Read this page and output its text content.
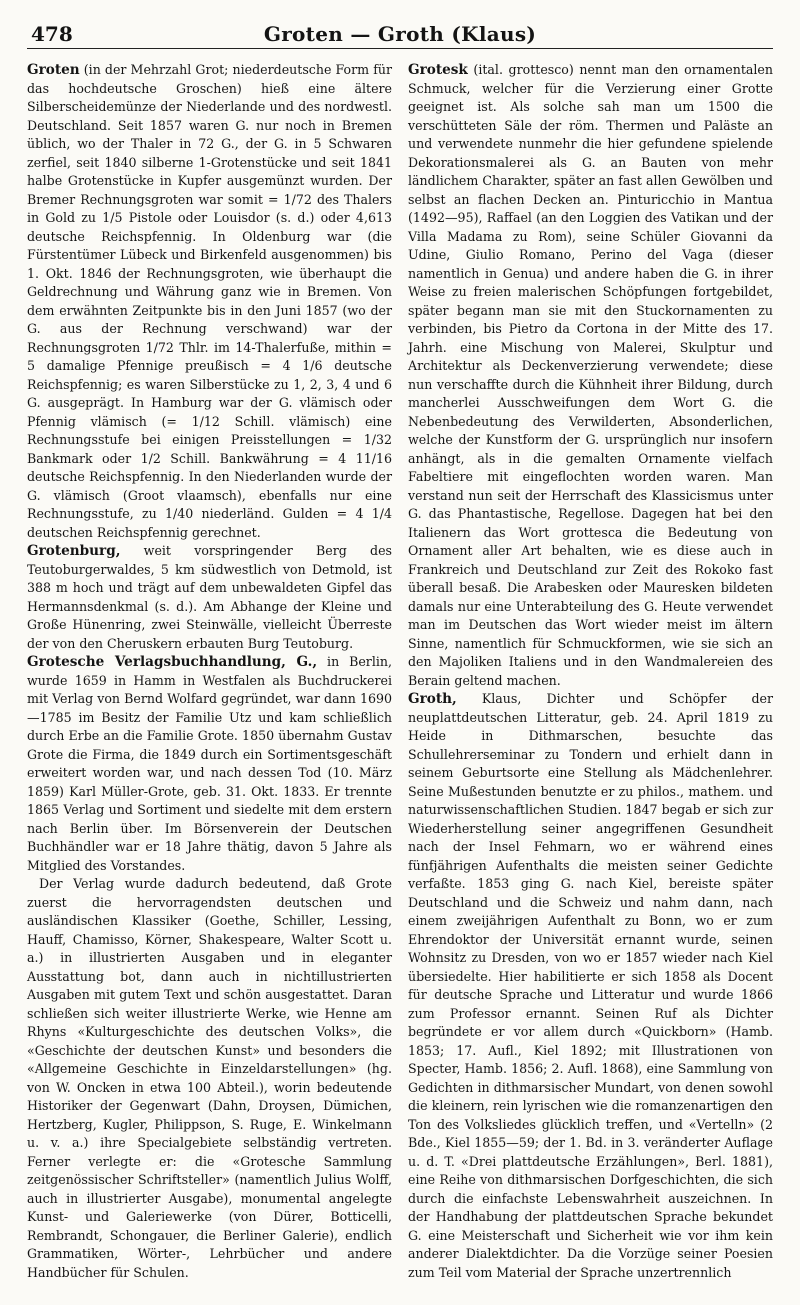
478	Groten — Groth (Klaus)

Groten (in der Mehrzahl Grot; niederdeutsche Form für das hochdeutsche Groschen) hieß eine ältere Silberscheidemünze der Niederlande und des nordwestl. Deutschland. Seit 1857 waren G. nur noch in Bremen üblich, wo der Thaler in 72 G., der G. in 5 Schwaren zerfiel, seit 1840 silberne 1-Grotenstücke und seit 1841 halbe Grotenstücke in Kupfer ausgemünzt wurden. Der Bremer Rechnungsgroten war somit = 1/72 des Thalers in Gold zu 1/5 Pistole oder Louisdor (s. d.) oder 4,613 deutsche Reichspfennig. In Oldenburg war (die Fürstentümer Lübeck und Birkenfeld ausgenommen) bis 1. Okt. 1846 der Rechnungsgroten, wie überhaupt die Geldrechnung und Währung ganz wie in Bremen. Von dem erwähnten Zeitpunkte bis in den Juni 1857 (wo der G. aus der Rechnung verschwand) war der Rechnungsgroten 1/72 Thlr. im 14-Thalerfuße, mithin = 5 damalige Pfennige preußisch = 4 1/6 deutsche Reichspfennig; es waren Silberstücke zu 1, 2, 3, 4 und 6 G. ausgeprägt. In Hamburg war der G. vlämisch oder Pfennig vlämisch (= 1/12 Schill. vlämisch) eine Rechnungsstufe bei einigen Preisstellungen = 1/32 Bankmark oder 1/2 Schill. Bankwährung = 4 11/16 deutsche Reichspfennig. In den Niederlanden wurde der G. vlämisch (Groot vlaamsch), ebenfalls nur eine Rechnungsstufe, zu 1/40 niederländ. Gulden = 4 1/4 deutschen Reichspfennig gerechnet.

Grotenburg, weit vorspringender Berg des Teutoburgerwaldes, 5 km südwestlich von Detmold, ist 388 m hoch und trägt auf dem unbewaldeten Gipfel das Hermannsdenkmal (s. d.). Am Abhange der Kleine und Große Hünenring, zwei Steinwälle, vielleicht Überreste der von den Cheruskern erbauten Burg Teutoburg.

Grotesche Verlagsbuchhandlung, G., in Berlin, wurde 1659 in Hamm in Westfalen als Buchdruckerei mit Verlag von Bernd Wolfard gegründet, war dann 1690—1785 im Besitz der Familie Utz und kam schließlich durch Erbe an die Familie Grote. 1850 übernahm Gustav Grote die Firma, die 1849 durch ein Sortimentsgeschäft erweitert worden war, und nach dessen Tod (10. März 1859) Karl Müller-Grote, geb. 31. Okt. 1833. Er trennte 1865 Verlag und Sortiment und siedelte mit dem erstern nach Berlin über. Im Börsenverein der Deutschen Buchhändler war er 18 Jahre thätig, davon 5 Jahre als Mitglied des Vorstandes.

Der Verlag wurde dadurch bedeutend, daß Grote zuerst die hervorragendsten deutschen und ausländischen Klassiker (Goethe, Schiller, Lessing, Hauff, Chamisso, Körner, Shakespeare, Walter Scott u. a.) in illustrierten Ausgaben und in eleganter Ausstattung bot, dann auch in nichtillustrierten Ausgaben mit gutem Text und schön ausgestattet. Daran schließen sich weiter illustrierte Werke, wie Henne am Rhyns «Kulturgeschichte des deutschen Volks», die «Geschichte der deutschen Kunst» und besonders die «Allgemeine Geschichte in Einzeldarstellungen» (hg. von W. Oncken in etwa 100 Abteil.), worin bedeutende Historiker der Gegenwart (Dahn, Droysen, Dümichen, Hertzberg, Kugler, Philippson, S. Ruge, E. Winkelmann u. v. a.) ihre Specialgebiete selbständig vertreten. Ferner verlegte er: die «Grotesche Sammlung zeitgenössischer Schriftsteller» (namentlich Julius Wolff, auch in illustrierter Ausgabe), monumental angelegte Kunst- und Galeriewerke (von Dürer, Botticelli, Rembrandt, Schongauer, die Berliner Galerie), endlich Grammatiken, Wörter-, Lehrbücher und andere Handbücher für Schulen.

Grotesk (ital. grottesco) nennt man den ornamentalen Schmuck, welcher für die Verzierung einer Grotte geeignet ist. Als solche sah man um 1500 die verschütteten Säle der röm. Thermen und Paläste an und verwendete nunmehr die hier gefundene spielende Dekorationsmalerei als G. an Bauten von mehr ländlichem Charakter, später an fast allen Gewölben und selbst an flachen Decken an. Pinturicchio in Mantua (1492—95), Raffael (an den Loggien des Vatikan und der Villa Madama zu Rom), seine Schüler Giovanni da Udine, Giulio Romano, Perino del Vaga (dieser namentlich in Genua) und andere haben die G. in ihrer Weise zu freien malerischen Schöpfungen fortgebildet, später begann man sie mit den Stuckornamenten zu verbinden, bis Pietro da Cortona in der Mitte des 17. Jahrh. eine Mischung von Malerei, Skulptur und Architektur als Deckenverzierung verwendete; diese nun verschaffte durch die Kühnheit ihrer Bildung, durch mancherlei Ausschweifungen dem Wort G. die Nebenbedeutung des Verwilderten, Absonderlichen, welche der Kunstform der G. ursprünglich nur insofern anhängt, als in die gemalten Ornamente vielfach Fabeltiere mit eingeflochten worden waren. Man verstand nun seit der Herrschaft des Klassicismus unter G. das Phantastische, Regellose. Dagegen hat bei den Italienern das Wort grottesca die Bedeutung von Ornament aller Art behalten, wie es diese auch in Frankreich und Deutschland zur Zeit des Rokoko fast überall besaß. Die Arabesken oder Mauresken bildeten damals nur eine Unterabteilung des G. Heute verwendet man im Deutschen das Wort wieder meist im ältern Sinne, namentlich für Schmuckformen, wie sie sich an den Majoliken Italiens und in den Wandmalereien des Berain geltend machen.

Groth, Klaus, Dichter und Schöpfer der neuplattdeutschen Litteratur, geb. 24. April 1819 zu Heide in Dithmarschen, besuchte das Schullehrerseminar zu Tondern und erhielt dann in seinem Geburtsorte eine Stellung als Mädchenlehrer. Seine Mußestunden benutzte er zu philos., mathem. und naturwissenschaftlichen Studien. 1847 begab er sich zur Wiederherstellung seiner angegriffenen Gesundheit nach der Insel Fehmarn, wo er während eines fünfjährigen Aufenthalts die meisten seiner Gedichte verfaßte. 1853 ging G. nach Kiel, bereiste später Deutschland und die Schweiz und nahm dann, nach einem zweijährigen Aufenthalt zu Bonn, wo er zum Ehrendoktor der Universität ernannt wurde, seinen Wohnsitz zu Dresden, von wo er 1857 wieder nach Kiel übersiedelte. Hier habilitierte er sich 1858 als Docent für deutsche Sprache und Litteratur und wurde 1866 zum Professor ernannt. Seinen Ruf als Dichter begründete er vor allem durch «Quickborn» (Hamb. 1853; 17. Aufl., Kiel 1892; mit Illustrationen von Specter, Hamb. 1856; 2. Aufl. 1868), eine Sammlung von Gedichten in dithmarsischer Mundart, von denen sowohl die kleinern, rein lyrischen wie die romanzenartigen den Ton des Volksliedes glücklich treffen, und «Vertelln» (2 Bde., Kiel 1855—59; der 1. Bd. in 3. veränderter Auflage u. d. T. «Drei plattdeutsche Erzählungen», Berl. 1881), eine Reihe von dithmarsischen Dorfgeschichten, die sich durch die einfachste Lebenswahrheit auszeichnen. In der Handhabung der plattdeutschen Sprache bekundet G. eine Meisterschaft und Sicherheit wie vor ihm kein anderer Dialektdichter. Da die Vorzüge seiner Poesien zum Teil vom Material der Sprache unzertrennlich
